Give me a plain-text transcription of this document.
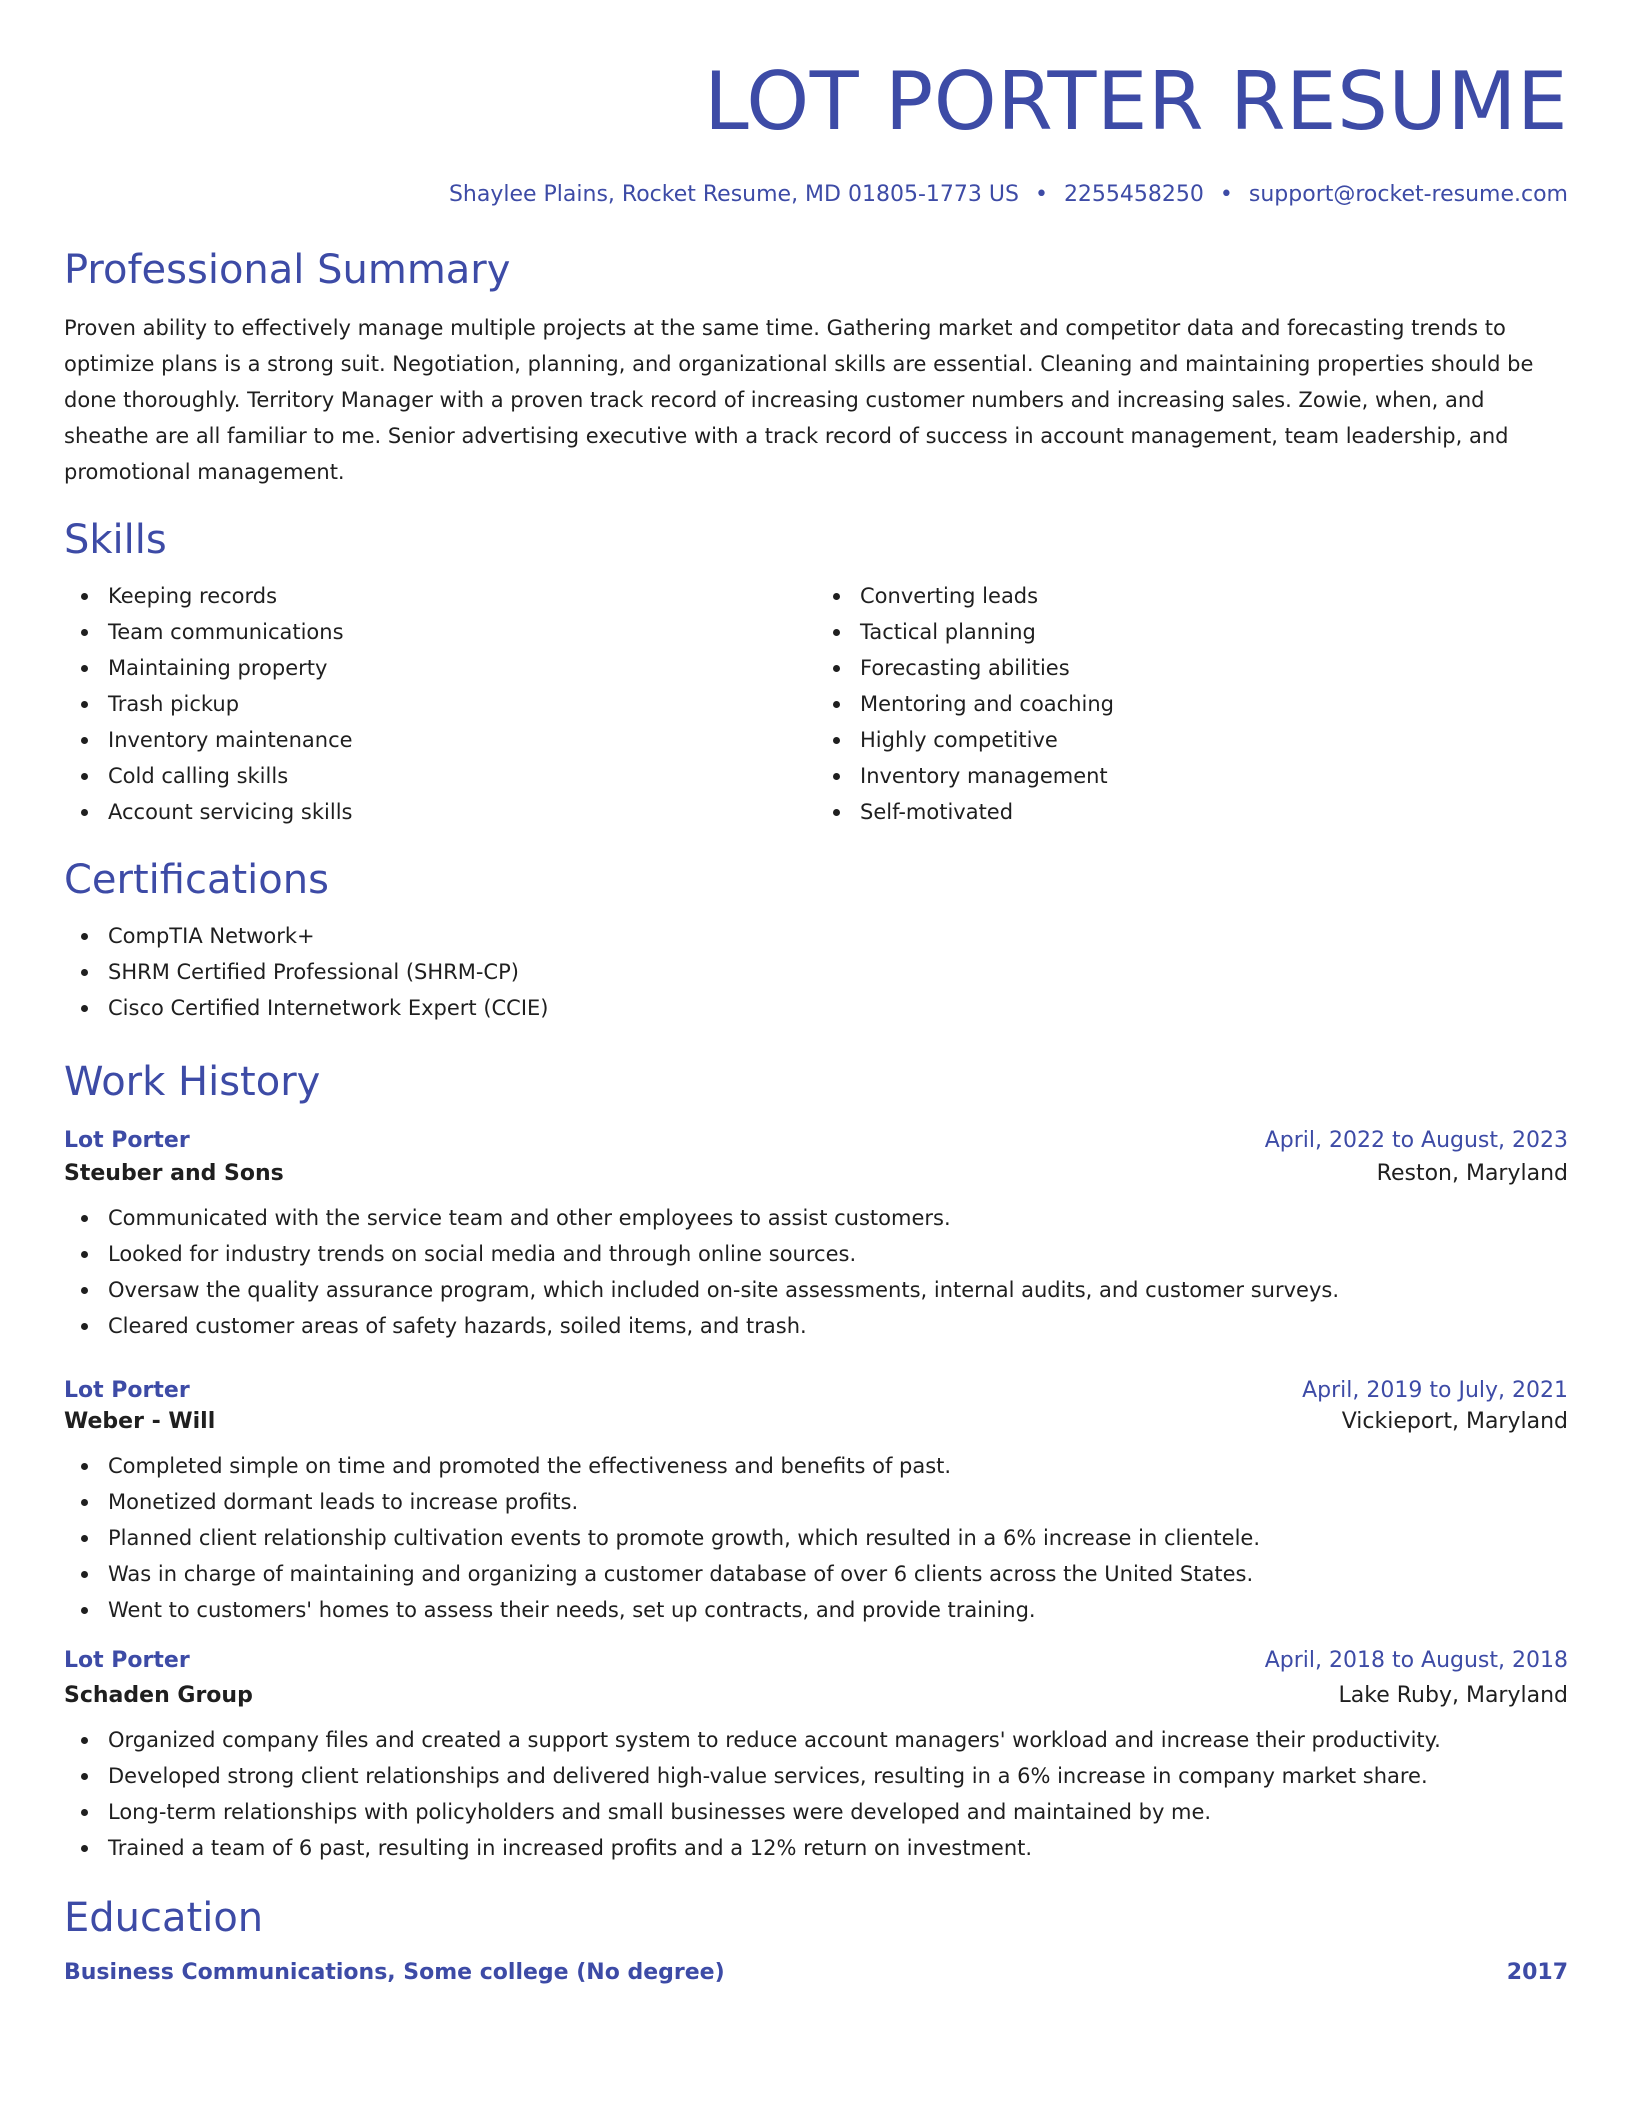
LOT PORTER RESUME
Shaylee Plains, Rocket Resume, MD 01805-1773 US • 2255458250 • support@rocket-resume.com
Professional Summary

Proven ability to effectively manage multiple projects at the same time. Gathering market and competitor data and forecasting trends to optimize plans is a strong suit. Negotiation, planning, and organizational skills are essential. Cleaning and maintaining properties should be done thoroughly. Territory Manager with a proven track record of increasing customer numbers and increasing sales. Zowie, when, and sheathe are all familiar to me. Senior advertising executive with a track record of success in account management, team leadership, and promotional management.

Skills
Keeping records
Team communications
Maintaining property
Trash pickup
Inventory maintenance
Cold calling skills
Account servicing skills
Converting leads
Tactical planning
Forecasting abilities
Mentoring and coaching
Highly competitive
Inventory management
Self-motivated
Certifications
CompTIA Network+
SHRM Certified Professional (SHRM-CP)
Cisco Certified Internetwork Expert (CCIE)
Work History
Lot Porter	April, 2022 to August, 2023
Steuber and Sons	Reston, Maryland
Communicated with the service team and other employees to assist customers.
Looked for industry trends on social media and through online sources.
Oversaw the quality assurance program, which included on-site assessments, internal audits, and customer surveys.
Cleared customer areas of safety hazards, soiled items, and trash.
Lot Porter	April, 2019 to July, 2021
Weber - Will	Vickieport, Maryland
Completed simple on time and promoted the effectiveness and benefits of past.
Monetized dormant leads to increase profits.
Planned client relationship cultivation events to promote growth, which resulted in a 6% increase in clientele.
Was in charge of maintaining and organizing a customer database of over 6 clients across the United States.
Went to customers' homes to assess their needs, set up contracts, and provide training.
Lot Porter	April, 2018 to August, 2018
Schaden Group	Lake Ruby, Maryland
Organized company files and created a support system to reduce account managers' workload and increase their productivity.
Developed strong client relationships and delivered high-value services, resulting in a 6% increase in company market share.
Long-term relationships with policyholders and small businesses were developed and maintained by me.
Trained a team of 6 past, resulting in increased profits and a 12% return on investment.
Education
Business Communications, Some college (No degree)	2017
